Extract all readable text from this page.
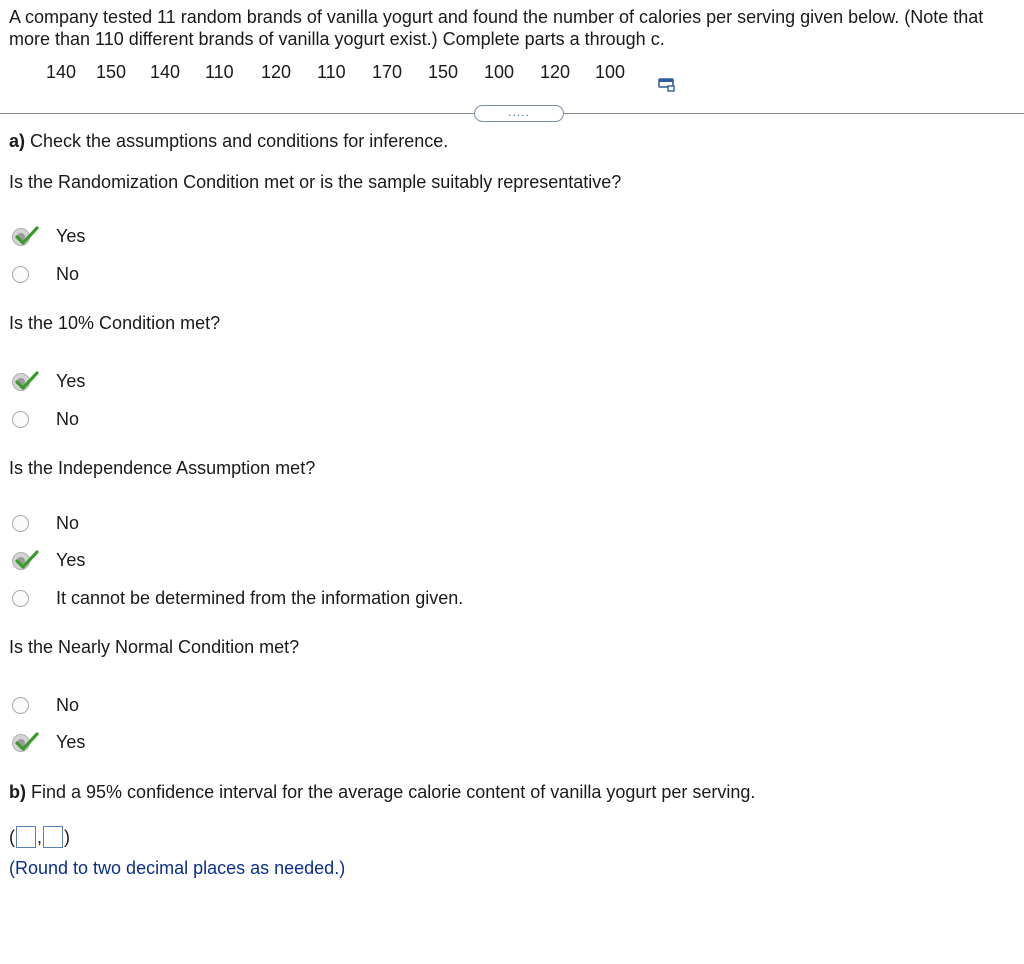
A company tested 11 random brands of vanilla yogurt and found the number of calories per serving given below. (Note that more than 110 different brands of vanilla yogurt exist.) Complete parts a through c.
140 150 140 110 120 110 170 150 100 120 100
.....
a) Check the assumptions and conditions for inference.
Is the Randomization Condition met or is the sample suitably representative?
Yes
No
Is the 10% Condition met?
Yes
No
Is the Independence Assumption met?
No
Yes
It cannot be determined from the information given.
Is the Nearly Normal Condition met?
No
Yes
b) Find a 95% confidence interval for the average calorie content of vanilla yogurt per serving.
( , )
(Round to two decimal places as needed.)
